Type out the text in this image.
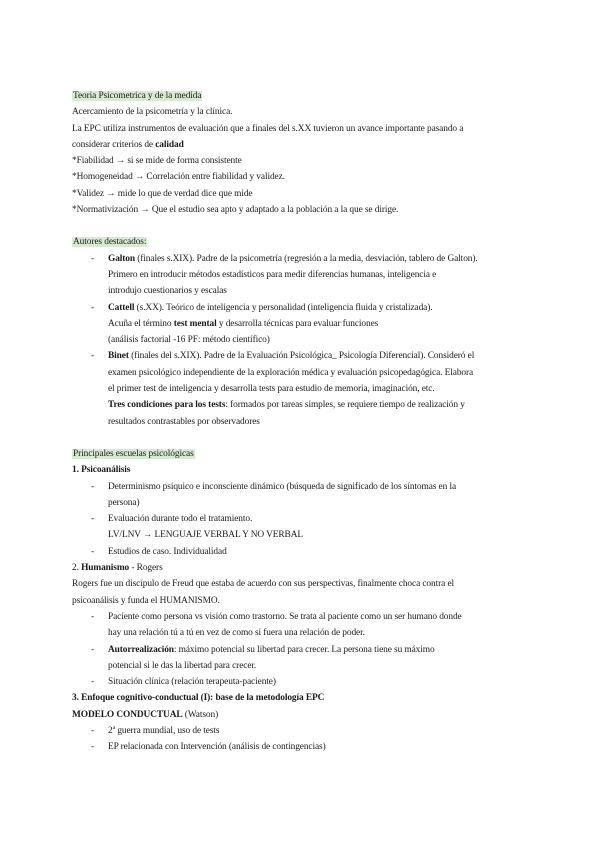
Teoria Psicometrica y de la medida

Acercamiento de la psicometría y la clínica.

La EPC utiliza instrumentos de evaluación que a finales del s.XX tuvieron un avance importante pasando a

considerar criterios de calidad

*Fiabilidad → si se mide de forma consistente

*Homogeneidad → Correlación entre fiabilidad y validez.

*Validez → mide lo que de verdad dice que mide

*Normativización → Que el estudio sea apto y adaptado a la población a la que se dirige.

Autores destacados:

- Galton (finales s.XIX). Padre de la psicometría (regresión a la media, desviación, tablero de Galton).

Primero en introducir métodos estadísticos para medir diferencias humanas, inteligencia e

introdujo cuestionarios y escalas

- Cattell (s.XX). Teórico de inteligencia y personalidad (inteligencia fluida y cristalizada).

Acuña el término test mental y desarrolla técnicas para evaluar funciones

(análisis factorial -16 PF: método científico)

- Binet (finales del s.XIX). Padre de la Evaluación Psicológica_ Psicología Diferencial). Consideró el

examen psicológico independiente de la exploración médica y evaluación psicopedagógica. Elabora

el primer test de inteligencia y desarrolla tests para estudio de memoria, imaginación, etc.

Tres condiciones para los tests: formados por tareas simples, se requiere tiempo de realización y

resultados contrastables por observadores

Principales escuelas psicológicas

1. Psicoanálisis

- Determinismo psíquico e inconsciente dinámico (búsqueda de significado de los síntomas en la

persona)

- Evaluación durante todo el tratamiento.

LV/LNV → LENGUAJE VERBAL Y NO VERBAL

- Estudios de caso. Individualidad

2. Humanismo - Rogers

Rogers fue un discípulo de Freud que estaba de acuerdo con sus perspectivas, finalmente choca contra el

psicoanálisis y funda el HUMANISMO.

- Paciente como persona vs visión como trastorno. Se trata al paciente como un ser humano donde

hay una relación tú a tú en vez de como si fuera una relación de poder.

- Autorrealización: máximo potencial su libertad para crecer. La persona tiene su máximo

potencial si le das la libertad para crecer.

- Situación clínica (relación terapeuta-paciente)

3. Enfoque cognitivo-conductual (I): base de la metodología EPC

MODELO CONDUCTUAL (Watson)

- 2ª guerra mundial, uso de tests

- EP relacionada con Intervención (análisis de contingencias)
